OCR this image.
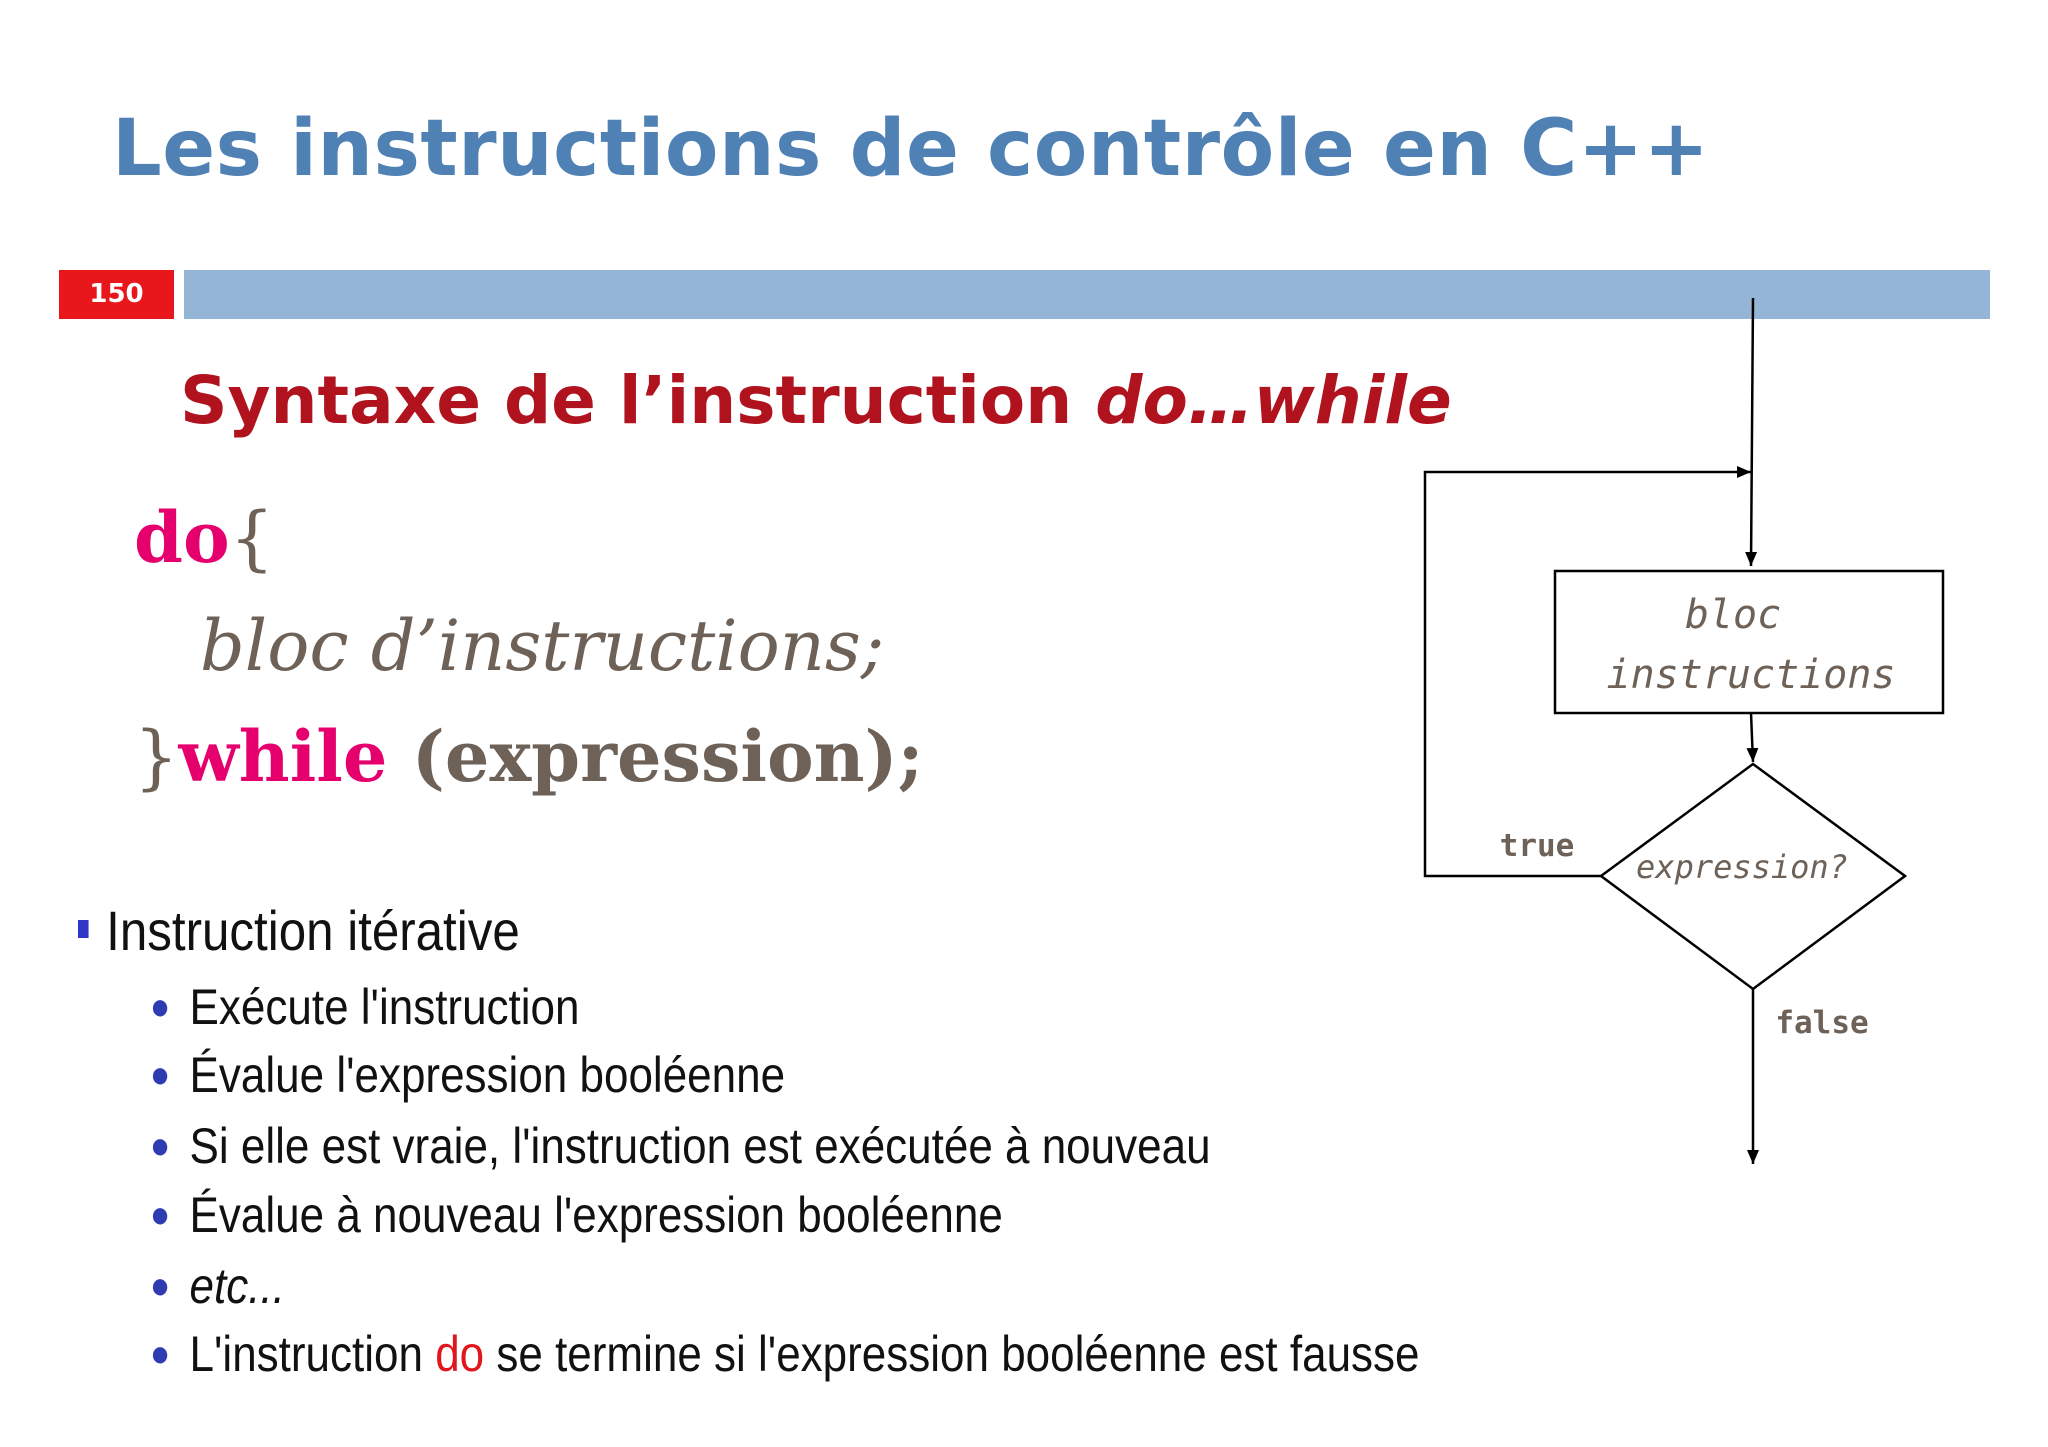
Les instructions de contrôle en C++
150
Syntaxe de l’instruction do…while
do{
bloc d’instructions;
}while (expression);
Instruction itérative
● Exécute l'instruction
● Évalue l'expression booléenne
● Si elle est vraie, l'instruction est exécutée à nouveau
● Évalue à nouveau l'expression booléenne
● etc...
● L'instruction do se termine si l'expression booléenne est fausse
bloc
instructions
expression?
true
false
